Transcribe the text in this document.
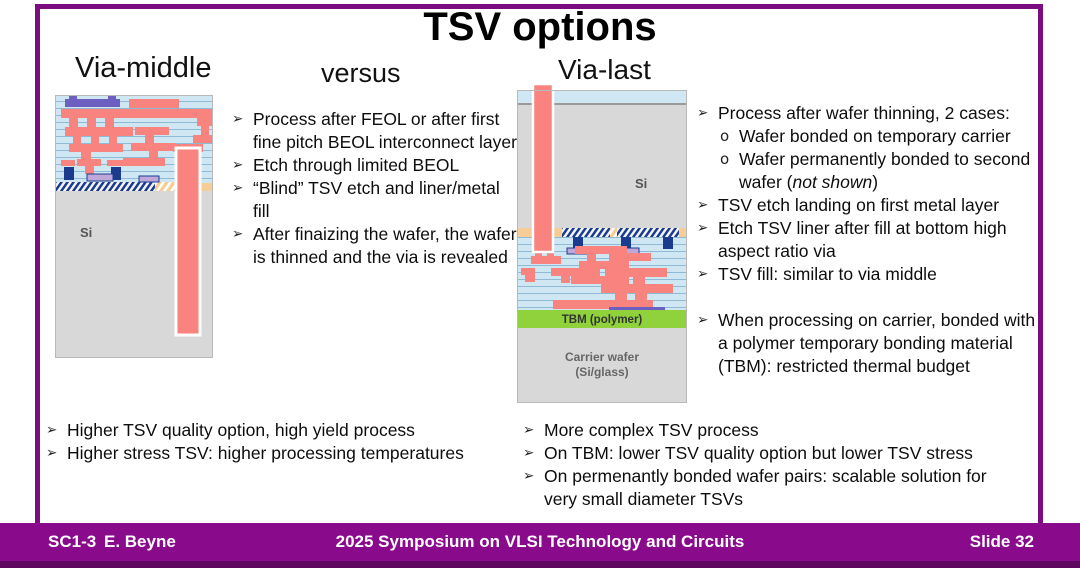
TSV options
Via-middle	versus	Via-last
Si
TBM (polymer)
Carrier wafer
(Si/glass)
Si
➢ Process after FEOL or after first fine pitch BEOL interconnect layer
➢ Etch through limited BEOL
➢ “Blind” TSV etch and liner/metal fill
➢ After finaizing the wafer, the wafer is thinned and the via is revealed
➢ Process after wafer thinning, 2 cases:
o Wafer bonded on temporary carrier
o Wafer permanently bonded to second wafer (not shown)
➢ TSV etch landing on first metal layer
➢ Etch TSV liner after fill at bottom high aspect ratio via
➢ TSV fill: similar to via middle
➢ When processing on carrier, bonded with a polymer temporary bonding material (TBM): restricted thermal budget
➢ Higher TSV quality option, high yield process
➢ Higher stress TSV: higher processing temperatures
➢ More complex TSV process
➢ On TBM: lower TSV quality option but lower TSV stress
➢ On permenantly bonded wafer pairs: scalable solution for very small diameter TSVs
SC1-3 E. Beyne	2025 Symposium on VLSI Technology and Circuits	Slide 32
